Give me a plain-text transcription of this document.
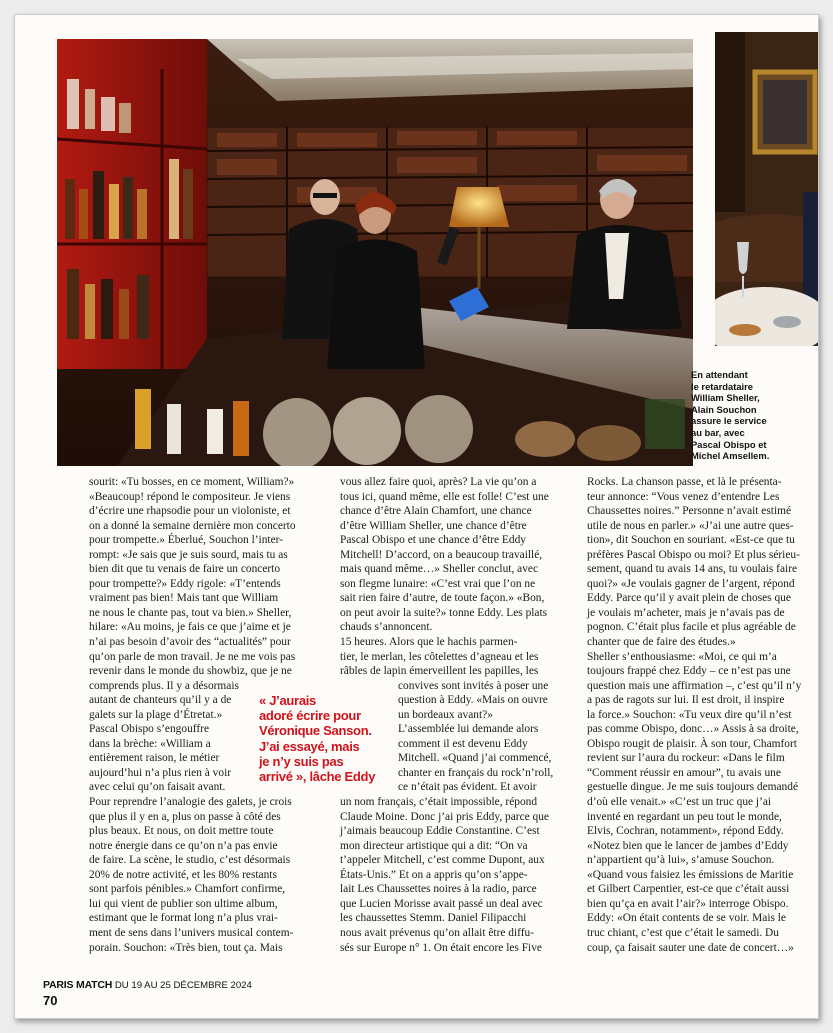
En attendant
le retardataire
William Sheller,
Alain Souchon
assure le service
au bar, avec
Pascal Obispo et
Michel Amsellem.
sourit: «Tu bosses, en ce moment, William?»
«Beaucoup! répond le compositeur. Je viens
d’écrire une rhapsodie pour un violoniste, et
on a donné la semaine dernière mon concerto
pour trompette.» Éberlué, Souchon l’inter-
rompt: «Je sais que je suis sourd, mais tu as
bien dit que tu venais de faire un concerto
pour trompette?» Eddy rigole: «T’entends
vraiment pas bien! Mais tant que William
ne nous le chante pas, tout va bien.» Sheller,
hilare: «Au moins, je fais ce que j’aime et je
n’ai pas besoin d’avoir des “actualités” pour
qu’on parle de mon travail. Je ne me vois pas
revenir dans le monde du showbiz, que je ne
comprends plus. Il y a désormais
autant de chanteurs qu’il y a de
galets sur la plage d’Étretat.»
Pascal Obispo s’engouffre
dans la brèche: «William a
entièrement raison, le métier
aujourd’hui n’a plus rien à voir
avec celui qu’on faisait avant.
Pour reprendre l’analogie des galets, je crois
que plus il y en a, plus on passe à côté des
plus beaux. Et nous, on doit mettre toute
notre énergie dans ce qu’on n’a pas envie
de faire. La scène, le studio, c’est désormais
20% de notre activité, et les 80% restants
sont parfois pénibles.» Chamfort confirme,
lui qui vient de publier son ultime album,
estimant que le format long n’a plus vrai-
ment de sens dans l’univers musical contem-
porain. Souchon: «Très bien, tout ça. Mais
vous allez faire quoi, après? La vie qu’on a
tous ici, quand même, elle est folle! C’est une
chance d’être Alain Chamfort, une chance
d’être William Sheller, une chance d’être
Pascal Obispo et une chance d’être Eddy
Mitchell! D’accord, on a beaucoup travaillé,
mais quand même…» Sheller conclut, avec
son flegme lunaire: «C’est vrai que l’on ne
sait rien faire d’autre, de toute façon.» «Bon,
on peut avoir la suite?» tonne Eddy. Les plats
chauds s’annoncent.
15 heures. Alors que le hachis parmen-
tier, le merlan, les côtelettes d’agneau et les
râbles de lapin émerveillent les papilles, les
convives sont invités à poser une
question à Eddy. «Mais on ouvre
un bordeaux avant?»
L’assemblée lui demande alors
comment il est devenu Eddy
Mitchell. «Quand j’ai commencé,
chanter en français du rock’n’roll,
ce n’était pas évident. Et avoir
un nom français, c’était impossible, répond
Claude Moine. Donc j’ai pris Eddy, parce que
j’aimais beaucoup Eddie Constantine. C’est
mon directeur artistique qui a dit: “On va
t’appeler Mitchell, c’est comme Dupont, aux
États-Unis.” Et on a appris qu’on s’appe-
lait Les Chaussettes noires à la radio, parce
que Lucien Morisse avait passé un deal avec
les chaussettes Stemm. Daniel Filipacchi
nous avait prévenus qu’on allait être diffu-
sés sur Europe n° 1. On était encore les Five
Rocks. La chanson passe, et là le présenta-
teur annonce: “Vous venez d’entendre Les
Chaussettes noires.” Personne n’avait estimé
utile de nous en parler.» «J’ai une autre ques-
tion», dit Souchon en souriant. «Est-ce que tu
préfères Pascal Obispo ou moi? Et plus sérieu-
sement, quand tu avais 14 ans, tu voulais faire
quoi?» «Je voulais gagner de l’argent, répond
Eddy. Parce qu’il y avait plein de choses que
je voulais m’acheter, mais je n’avais pas de
pognon. C’était plus facile et plus agréable de
chanter que de faire des études.»
Sheller s’enthousiasme: «Moi, ce qui m’a
toujours frappé chez Eddy – ce n’est pas une
question mais une affirmation –, c’est qu’il n’y
a pas de ragots sur lui. Il est droit, il inspire
la force.» Souchon: «Tu veux dire qu’il n’est
pas comme Obispo, donc…» Assis à sa droite,
Obispo rougit de plaisir. À son tour, Chamfort
revient sur l’aura du rockeur: «Dans le film
“Comment réussir en amour”, tu avais une
gestuelle dingue. Je me suis toujours demandé
d’où elle venait.» «C’est un truc que j’ai
inventé en regardant un peu tout le monde,
Elvis, Cochran, notamment», répond Eddy.
«Notez bien que le lancer de jambes d’Eddy
n’appartient qu’à lui», s’amuse Souchon.
«Quand vous faisiez les émissions de Maritie
et Gilbert Carpentier, est-ce que c’était aussi
bien qu’ça en avait l’air?» interroge Obispo.
Eddy: «On était contents de se voir. Mais le
truc chiant, c’est que c’était le samedi. Du
coup, ça faisait sauter une date de concert…»
« J’aurais
adoré écrire pour
Véronique Sanson.
J’ai essayé, mais
je n’y suis pas
arrivé », lâche Eddy
PARIS MATCH DU 19 AU 25 DÉCEMBRE 2024
70
